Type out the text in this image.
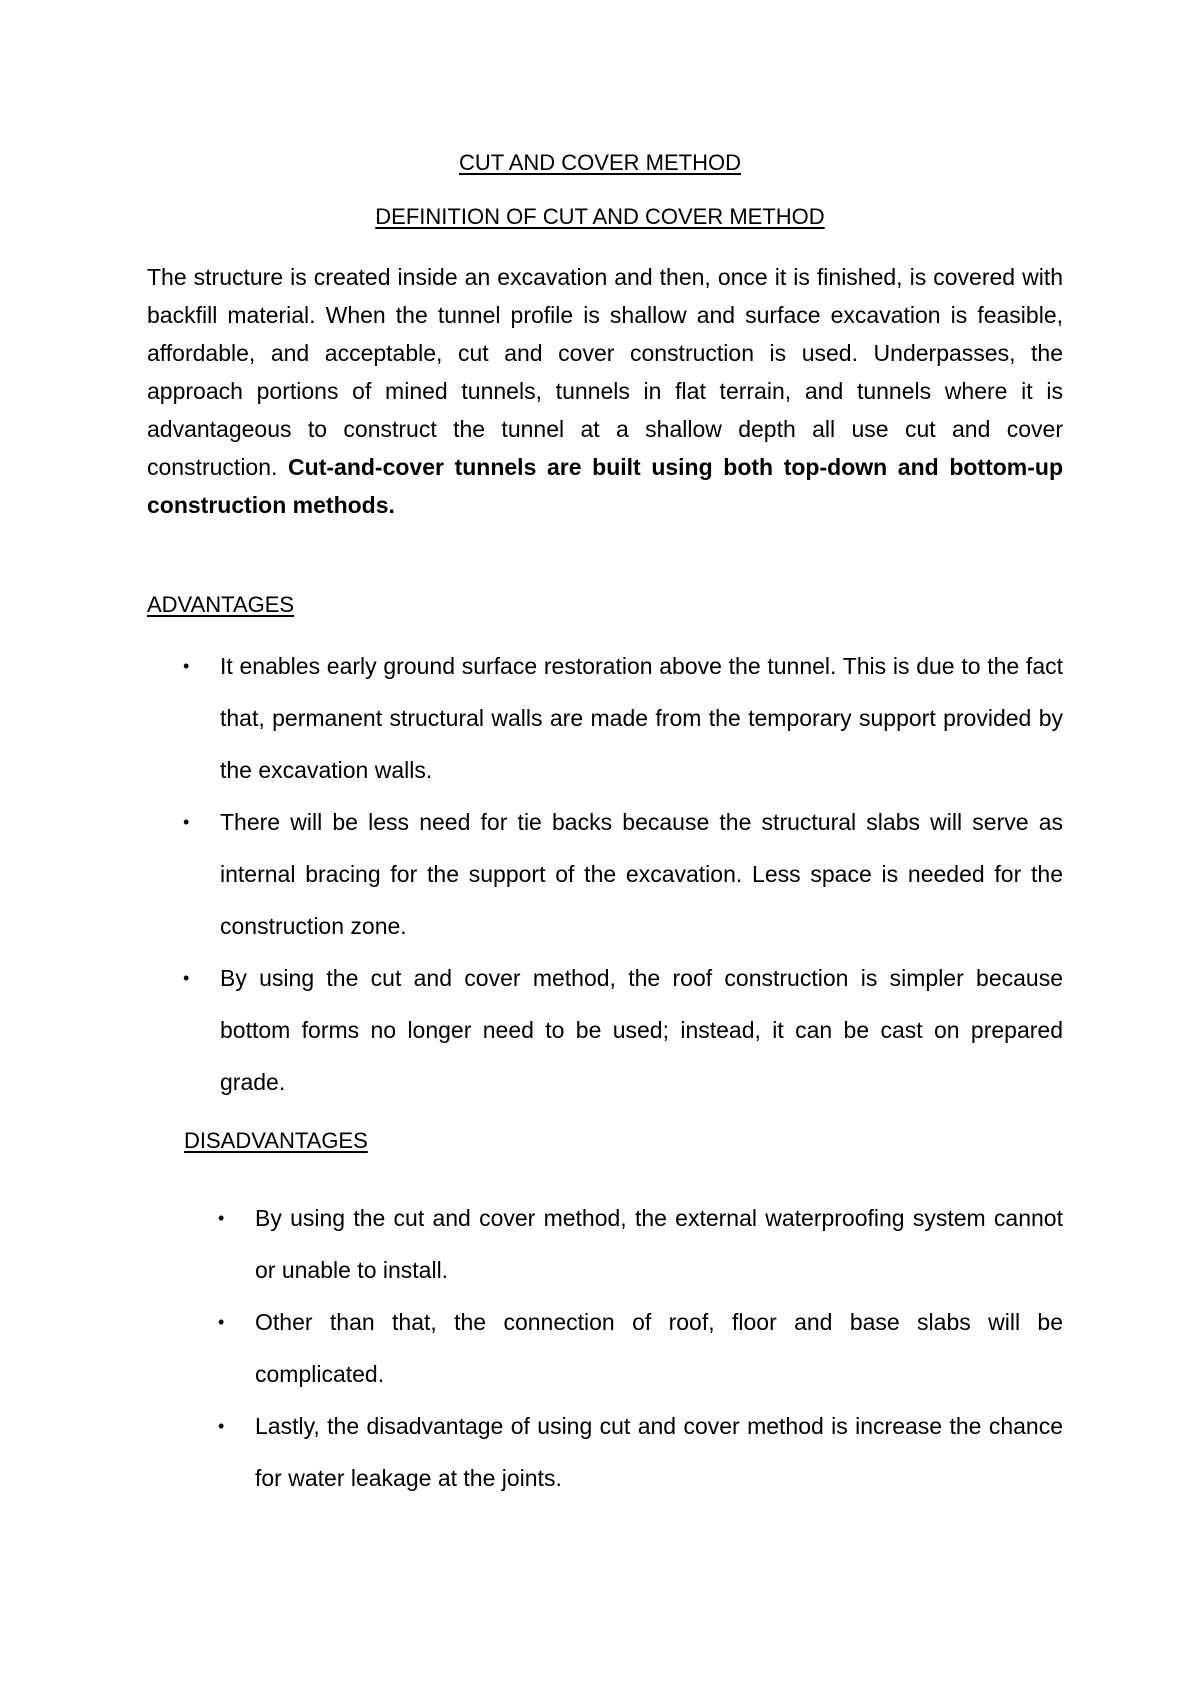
CUT AND COVER METHOD
DEFINITION OF CUT AND COVER METHOD

The structure is created inside an excavation and then, once it is finished, is covered with backfill material. When the tunnel profile is shallow and surface excavation is feasible, affordable, and acceptable, cut and cover construction is used. Underpasses, the approach portions of mined tunnels, tunnels in flat terrain, and tunnels where it is advantageous to construct the tunnel at a shallow depth all use cut and cover construction. Cut-and-cover tunnels are built using both top-down and bottom-up construction methods.

ADVANTAGES
• It enables early ground surface restoration above the tunnel. This is due to the fact that, permanent structural walls are made from the temporary support provided by the excavation walls.
• There will be less need for tie backs because the structural slabs will serve as internal bracing for the support of the excavation. Less space is needed for the construction zone.
• By using the cut and cover method, the roof construction is simpler because bottom forms no longer need to be used; instead, it can be cast on prepared grade.
DISADVANTAGES
• By using the cut and cover method, the external waterproofing system cannot or unable to install.
• Other than that, the connection of roof, floor and base slabs will be complicated.
• Lastly, the disadvantage of using cut and cover method is increase the chance for water leakage at the joints.
